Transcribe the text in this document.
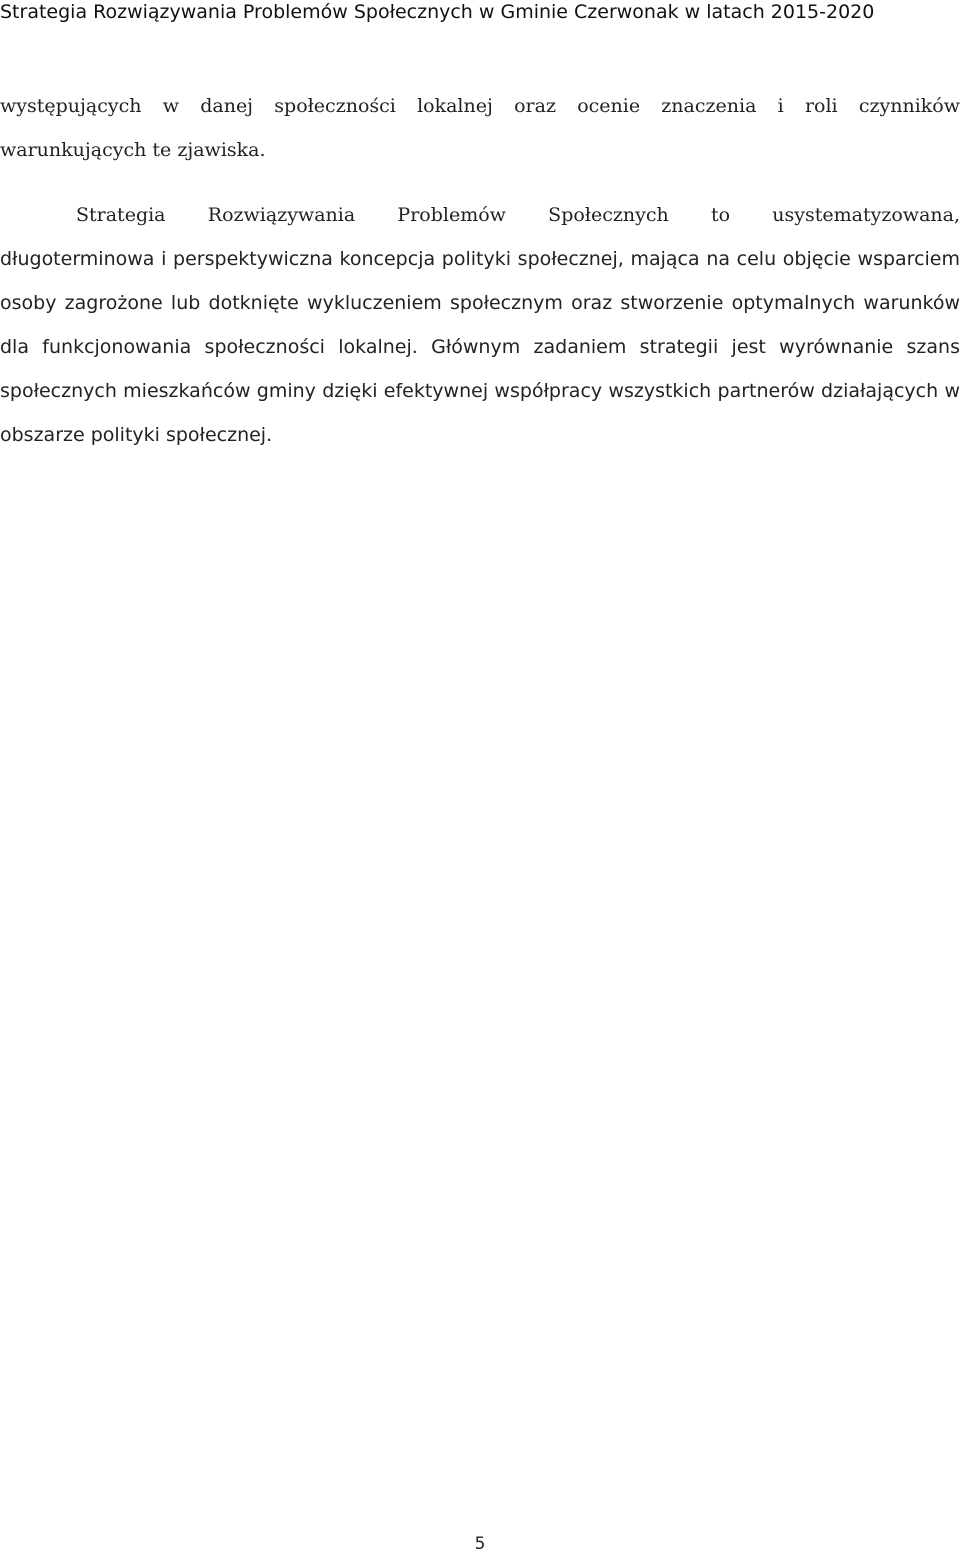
Strategia Rozwiązywania Problemów Społecznych w Gminie Czerwonak w latach 2015-2020

występujących w danej społeczności lokalnej oraz ocenie znaczenia i roli czynników warunkujących te zjawiska.

Strategia Rozwiązywania Problemów Społecznych to usystematyzowana,

długoterminowa i perspektywiczna koncepcja polityki społecznej, mająca na celu objęcie wsparciem osoby zagrożone lub dotknięte wykluczeniem społecznym oraz stworzenie optymalnych warunków dla funkcjonowania społeczności lokalnej. Głównym zadaniem strategii jest wyrównanie szans społecznych mieszkańców gminy dzięki efektywnej współpracy wszystkich partnerów działających w obszarze polityki społecznej.

5
